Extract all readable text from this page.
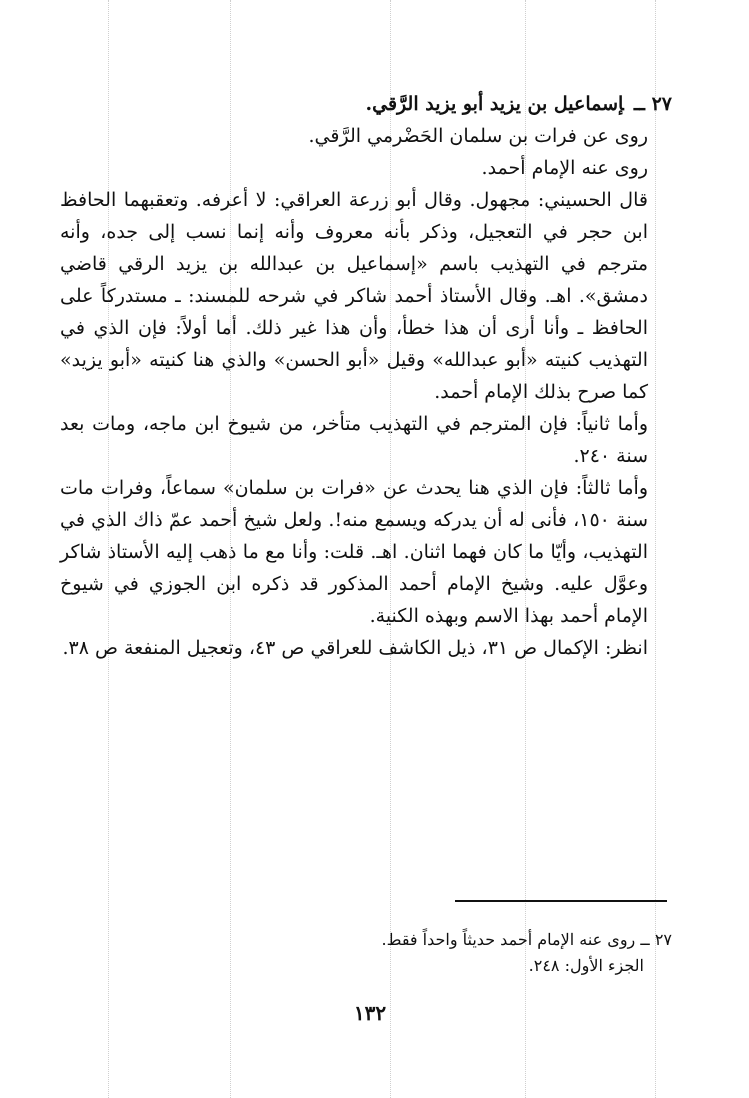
٢٧ ــإسماعيل بن يزيد أبو يزيد الرَّقي.

روى عن فرات بن سلمان الحَضْرمي الرَّقي.

روى عنه الإمام أحمد.

قال الحسيني: مجهول. وقال أبو زرعة العراقي: لا أعرفه. وتعقبهما الحافظ ابن حجر في التعجيل، وذكر بأنه معروف وأنه إنما نسب إلى جده، وأنه مترجم في التهذيب باسم «إسماعيل بن عبدالله بن يزيد الرقي قاضي دمشق». اهـ. وقال الأستاذ أحمد شاكر في شرحه للمسند: ـ مستدركاً على الحافظ ـ وأنا أرى أن هذا خطأ، وأن هذا غير ذلك. أما أولاً: فإن الذي في التهذيب كنيته «أبو عبدالله» وقيل «أبو الحسن» والذي هنا كنيته «أبو يزيد» كما صرح بذلك الإمام أحمد.

وأما ثانياً: فإن المترجم في التهذيب متأخر، من شيوخ ابن ماجه، ومات بعد سنة ٢٤٠.

وأما ثالثاً: فإن الذي هنا يحدث عن «فرات بن سلمان» سماعاً، وفرات مات سنة ١٥٠، فأنى له أن يدركه ويسمع منه!. ولعل شيخ أحمد عمّ ذاك الذي في التهذيب، وأيّا ما كان فهما اثنان. اهـ. قلت: وأنا مع ما ذهب إليه الأستاذ شاكر وعوَّل عليه. وشيخ الإمام أحمد المذكور قد ذكره ابن الجوزي في شيوخ الإمام أحمد بهذا الاسم وبهذه الكنية.

انظر: الإكمال ص ٣١، ذيل الكاشف للعراقي ص ٤٣، وتعجيل المنفعة ص ٣٨.

٢٧ ــ روى عنه الإمام أحمد حديثاً واحداً فقط.

الجزء الأول: ٢٤٨.

١٣٢
